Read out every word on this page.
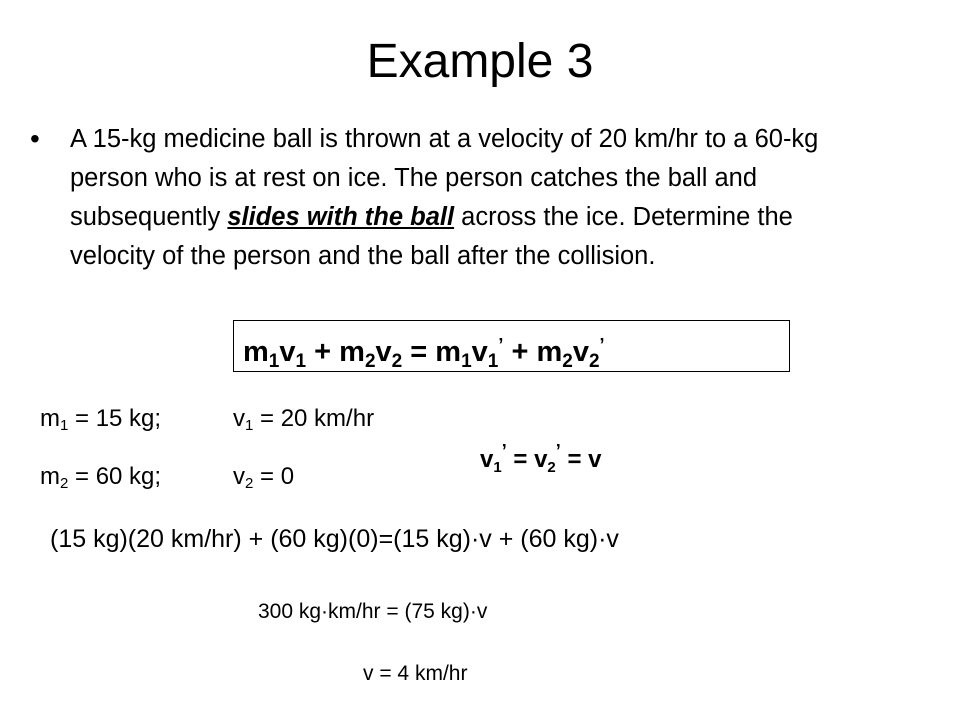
Example 3
• A 15-kg medicine ball is thrown at a velocity of 20 km/hr to a 60-kg person who is at rest on ice. The person catches the ball and subsequently slides with the ball across the ice. Determine the velocity of the person and the ball after the collision.
$m_1v_1 + m_2v_2 = m_1v_1^’ + m_2v_2^’$
$m_1 = 15$ kg;	$v_1 = 20$ km/hr
$m_2 = 60$ kg;	$v_2 = 0$
$v_1^’ = v_2^’ = v$
(15 kg)(20 km/hr) + (60 kg)(0)=(15 kg)·v + (60 kg)·v
300 kg·km/hr = (75 kg)·v
v = 4 km/hr
